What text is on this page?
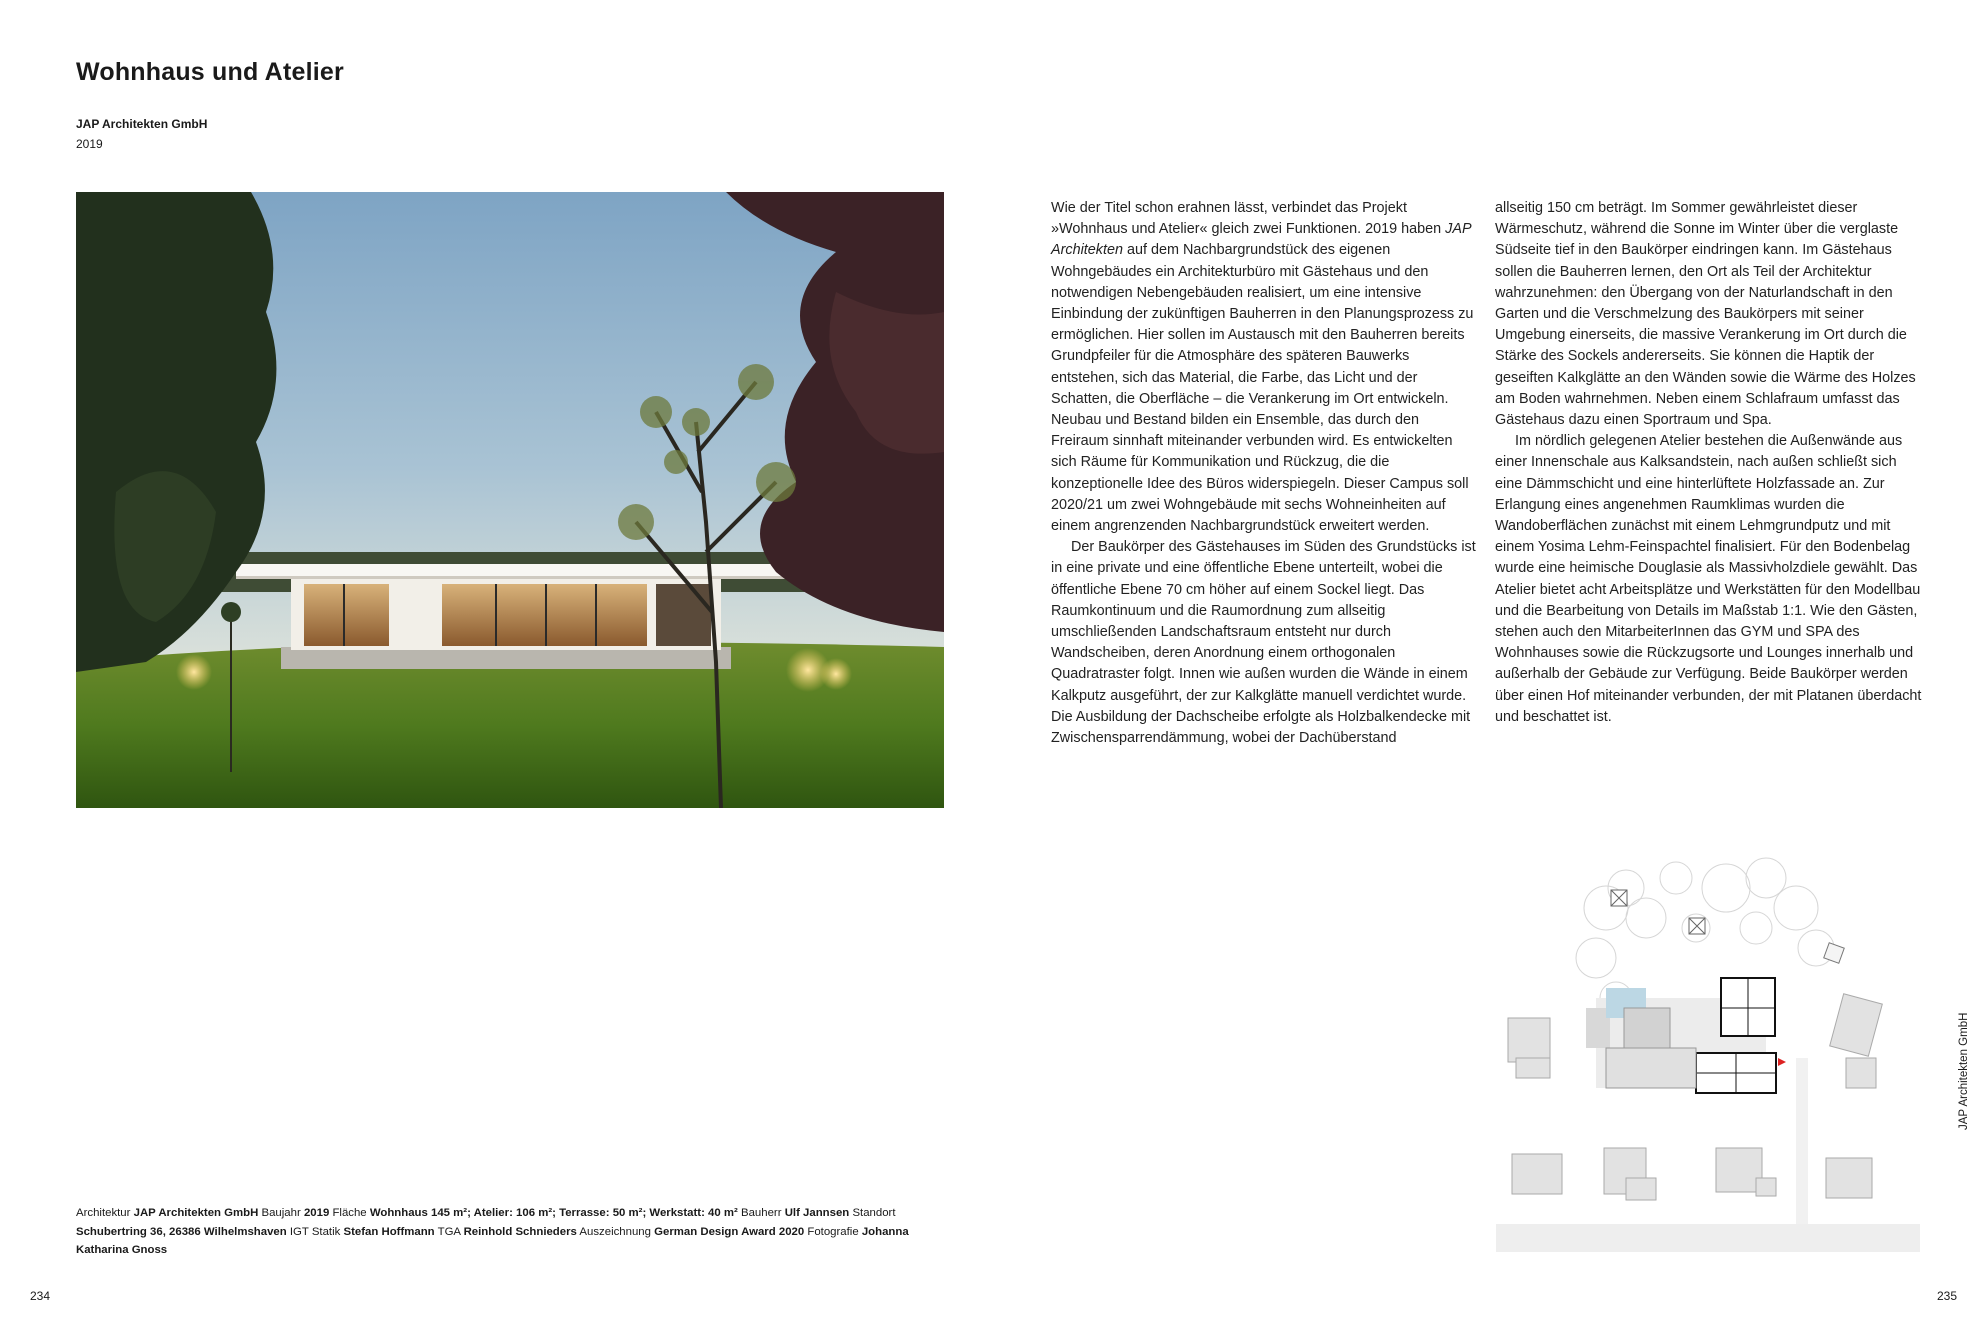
Wohnhaus und Atelier
JAP Architekten GmbH
2019

Wie der Titel schon erahnen lässt, verbindet das Projekt »Wohnhaus und Atelier« gleich zwei Funktionen. 2019 haben JAP Architekten auf dem Nachbargrundstück des eigenen Wohngebäudes ein Architekturbüro mit Gästehaus und den notwendigen Nebengebäuden realisiert, um eine intensive Einbindung der zukünftigen Bauherren in den Planungsprozess zu ermöglichen. Hier sollen im Austausch mit den Bauherren bereits Grundpfeiler für die Atmosphäre des späteren Bauwerks entstehen, sich das Material, die Farbe, das Licht und der Schatten, die Oberfläche – die Verankerung im Ort entwickeln. Neubau und Bestand bilden ein Ensemble, das durch den Freiraum sinnhaft miteinander verbunden wird. Es entwickelten sich Räume für Kommunikation und Rückzug, die die konzeptionelle Idee des Büros widerspiegeln. Dieser Campus soll 2020/21 um zwei Wohngebäude mit sechs Wohneinheiten auf einem angrenzenden Nachbargrundstück erweitert werden.

Der Baukörper des Gästehauses im Süden des Grundstücks ist in eine private und eine öffentliche Ebene unterteilt, wobei die öffentliche Ebene 70 cm höher auf einem Sockel liegt. Das Raumkontinuum und die Raumordnung zum allseitig umschließenden Landschaftsraum entsteht nur durch Wandscheiben, deren Anordnung einem orthogonalen Quadratraster folgt. Innen wie außen wurden die Wände in einem Kalkputz ausgeführt, der zur Kalkglätte manuell verdichtet wurde. Die Ausbildung der Dachscheibe erfolgte als Holzbalkendecke mit Zwischensparrendämmung, wobei der Dachüberstand

allseitig 150 cm beträgt. Im Sommer gewährleistet dieser Wärmeschutz, während die Sonne im Winter über die verglaste Südseite tief in den Baukörper eindringen kann. Im Gästehaus sollen die Bauherren lernen, den Ort als Teil der Architektur wahrzunehmen: den Übergang von der Naturlandschaft in den Garten und die Verschmelzung des Baukörpers mit seiner Umgebung einerseits, die massive Verankerung im Ort durch die Stärke des Sockels andererseits. Sie können die Haptik der geseiften Kalkglätte an den Wänden sowie die Wärme des Holzes am Boden wahrnehmen. Neben einem Schlafraum umfasst das Gästehaus dazu einen Sportraum und Spa.

Im nördlich gelegenen Atelier bestehen die Außenwände aus einer Innenschale aus Kalksandstein, nach außen schließt sich eine Dämmschicht und eine hinterlüftete Holzfassade an. Zur Erlangung eines angenehmen Raumklimas wurden die Wandoberflächen zunächst mit einem Lehmgrundputz und mit einem Yosima Lehm-Feinspachtel finalisiert. Für den Bodenbelag wurde eine heimische Douglasie als Massivholzdiele gewählt. Das Atelier bietet acht Arbeitsplätze und Werkstätten für den Modellbau und die Bearbeitung von Details im Maßstab 1:1. Wie den Gästen, stehen auch den MitarbeiterInnen das GYM und SPA des Wohnhauses sowie die Rückzugsorte und Lounges innerhalb und außerhalb der Gebäude zur Verfügung. Beide Baukörper werden über einen Hof miteinander verbunden, der mit Platanen überdacht und beschattet ist.

Architektur JAP Architekten GmbH Baujahr 2019 Fläche Wohnhaus 145 m²; Atelier: 106 m²; Terrasse: 50 m²; Werkstatt: 40 m² Bauherr Ulf Jannsen Standort Schubertring 36, 26386 Wilhelmshaven IGT Statik Stefan Hoffmann TGA Reinhold Schnieders Auszeichnung German Design Award 2020 Fotografie Johanna Katharina Gnoss
JAP Architekten GmbH
234	235
